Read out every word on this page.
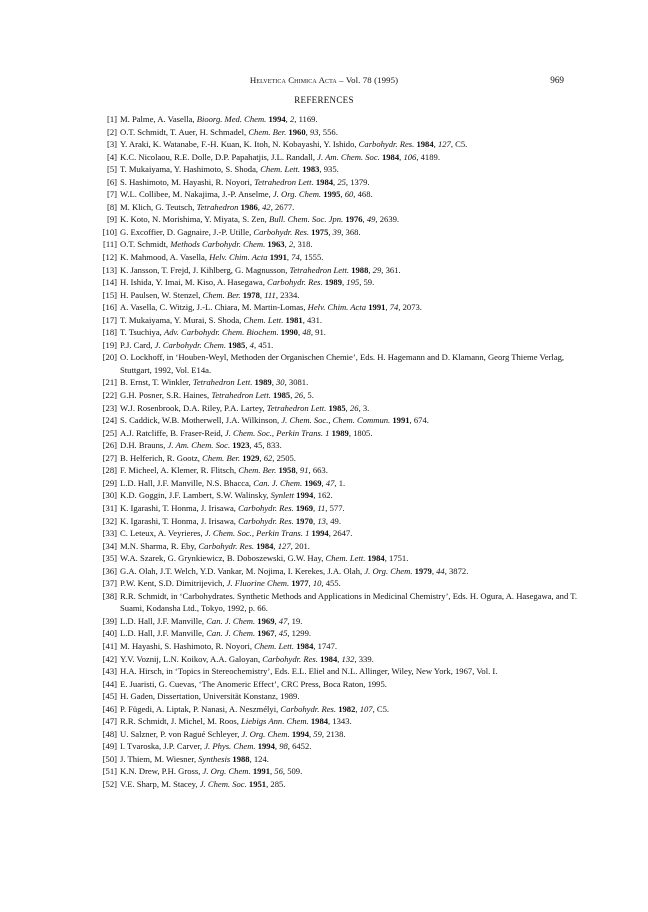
Helvetica Chimica Acta – Vol. 78 (1995)	969
REFERENCES
[1] M. Palme, A. Vasella, Bioorg. Med. Chem. 1994, 2, 1169.
[2] O.T. Schmidt, T. Auer, H. Schmadel, Chem. Ber. 1960, 93, 556.
[3] Y. Araki, K. Watanabe, F.-H. Kuan, K. Itoh, N. Kobayashi, Y. Ishido, Carbohydr. Res. 1984, 127, C5.
[4] K.C. Nicolaou, R.E. Dolle, D.P. Papahatjis, J.L. Randall, J. Am. Chem. Soc. 1984, 106, 4189.
[5] T. Mukaiyama, Y. Hashimoto, S. Shoda, Chem. Lett. 1983, 935.
[6] S. Hashimoto, M. Hayashi, R. Noyori, Tetrahedron Lett. 1984, 25, 1379.
[7] W.L. Collibee, M. Nakajima, J.-P. Anselme, J. Org. Chem. 1995, 60, 468.
[8] M. Klich, G. Teutsch, Tetrahedron 1986, 42, 2677.
[9] K. Koto, N. Morishima, Y. Miyata, S. Zen, Bull. Chem. Soc. Jpn. 1976, 49, 2639.
[10] G. Excoffier, D. Gagnaire, J.-P. Utille, Carbohydr. Res. 1975, 39, 368.
[11] O.T. Schmidt, Methods Carbohydr. Chem. 1963, 2, 318.
[12] K. Mahmood, A. Vasella, Helv. Chim. Acta 1991, 74, 1555.
[13] K. Jansson, T. Frejd, J. Kihlberg, G. Magnusson, Tetrahedron Lett. 1988, 29, 361.
[14] H. Ishida, Y. Imai, M. Kiso, A. Hasegawa, Carbohydr. Res. 1989, 195, 59.
[15] H. Paulsen, W. Stenzel, Chem. Ber. 1978, 111, 2334.
[16] A. Vasella, C. Witzig, J.-L. Chiara, M. Martin-Lomas, Helv. Chim. Acta 1991, 74, 2073.
[17] T. Mukaiyama, Y. Murai, S. Shoda, Chem. Lett. 1981, 431.
[18] T. Tsuchiya, Adv. Carbohydr. Chem. Biochem. 1990, 48, 91.
[19] P.J. Card, J. Carbohydr. Chem. 1985, 4, 451.
[20] O. Lockhoff, in ‘Houben-Weyl, Methoden der Organischen Chemie’, Eds. H. Hagemann and D. Klamann, Georg Thieme Verlag, Stuttgart, 1992, Vol. E14a.
[21] B. Ernst, T. Winkler, Tetrahedron Lett. 1989, 30, 3081.
[22] G.H. Posner, S.R. Haines, Tetrahedron Lett. 1985, 26, 5.
[23] W.J. Rosenbrook, D.A. Riley, P.A. Lartey, Tetrahedron Lett. 1985, 26, 3.
[24] S. Caddick, W.B. Motherwell, J.A. Wilkinson, J. Chem. Soc., Chem. Commun. 1991, 674.
[25] A.J. Ratcliffe, B. Fraser-Reid, J. Chem. Soc., Perkin Trans. 1 1989, 1805.
[26] D.H. Brauns, J. Am. Chem. Soc. 1923, 45, 833.
[27] B. Helferich, R. Gootz, Chem. Ber. 1929, 62, 2505.
[28] F. Micheel, A. Klemer, R. Flitsch, Chem. Ber. 1958, 91, 663.
[29] L.D. Hall, J.F. Manville, N.S. Bhacca, Can. J. Chem. 1969, 47, 1.
[30] K.D. Goggin, J.F. Lambert, S.W. Walinsky, Synlett 1994, 162.
[31] K. Igarashi, T. Honma, J. Irisawa, Carbohydr. Res. 1969, 11, 577.
[32] K. Igarashi, T. Honma, J. Irisawa, Carbohydr. Res. 1970, 13, 49.
[33] C. Leteux, A. Veyrieres, J. Chem. Soc., Perkin Trans. 1 1994, 2647.
[34] M.N. Sharma, R. Eby, Carbohydr. Res. 1984, 127, 201.
[35] W.A. Szarek, G. Grynkiewicz, B. Doboszewski, G.W. Hay, Chem. Lett. 1984, 1751.
[36] G.A. Olah, J.T. Welch, Y.D. Vankar, M. Nojima, I. Kerekes, J.A. Olah, J. Org. Chem. 1979, 44, 3872.
[37] P.W. Kent, S.D. Dimitrijevich, J. Fluorine Chem. 1977, 10, 455.
[38] R.R. Schmidt, in ‘Carbohydrates. Synthetic Methods and Applications in Medicinal Chemistry’, Eds. H. Ogura, A. Hasegawa, and T. Suami, Kodansha Ltd., Tokyo, 1992, p. 66.
[39] L.D. Hall, J.F. Manville, Can. J. Chem. 1969, 47, 19.
[40] L.D. Hall, J.F. Manville, Can. J. Chem. 1967, 45, 1299.
[41] M. Hayashi, S. Hashimoto, R. Noyori, Chem. Lett. 1984, 1747.
[42] Y.V. Voznij, L.N. Koikov, A.A. Galoyan, Carbohydr. Res. 1984, 132, 339.
[43] H.A. Hirsch, in ‘Topics in Stereochemistry’, Eds. E.L. Eliel and N.L. Allinger, Wiley, New York, 1967, Vol. I.
[44] E. Juaristi, G. Cuevas, ‘The Anomeric Effect’, CRC Press, Boca Raton, 1995.
[45] H. Gaden, Dissertation, Universität Konstanz, 1989.
[46] P. Fügedi, A. Liptak, P. Nanasi, A. Neszmélyi, Carbohydr. Res. 1982, 107, C5.
[47] R.R. Schmidt, J. Michel, M. Roos, Liebigs Ann. Chem. 1984, 1343.
[48] U. Salzner, P. von Ragué Schleyer, J. Org. Chem. 1994, 59, 2138.
[49] I. Tvaroska, J.P. Carver, J. Phys. Chem. 1994, 98, 6452.
[50] J. Thiem, M. Wiesner, Synthesis 1988, 124.
[51] K.N. Drew, P.H. Gross, J. Org. Chem. 1991, 56, 509.
[52] V.E. Sharp, M. Stacey, J. Chem. Soc. 1951, 285.
